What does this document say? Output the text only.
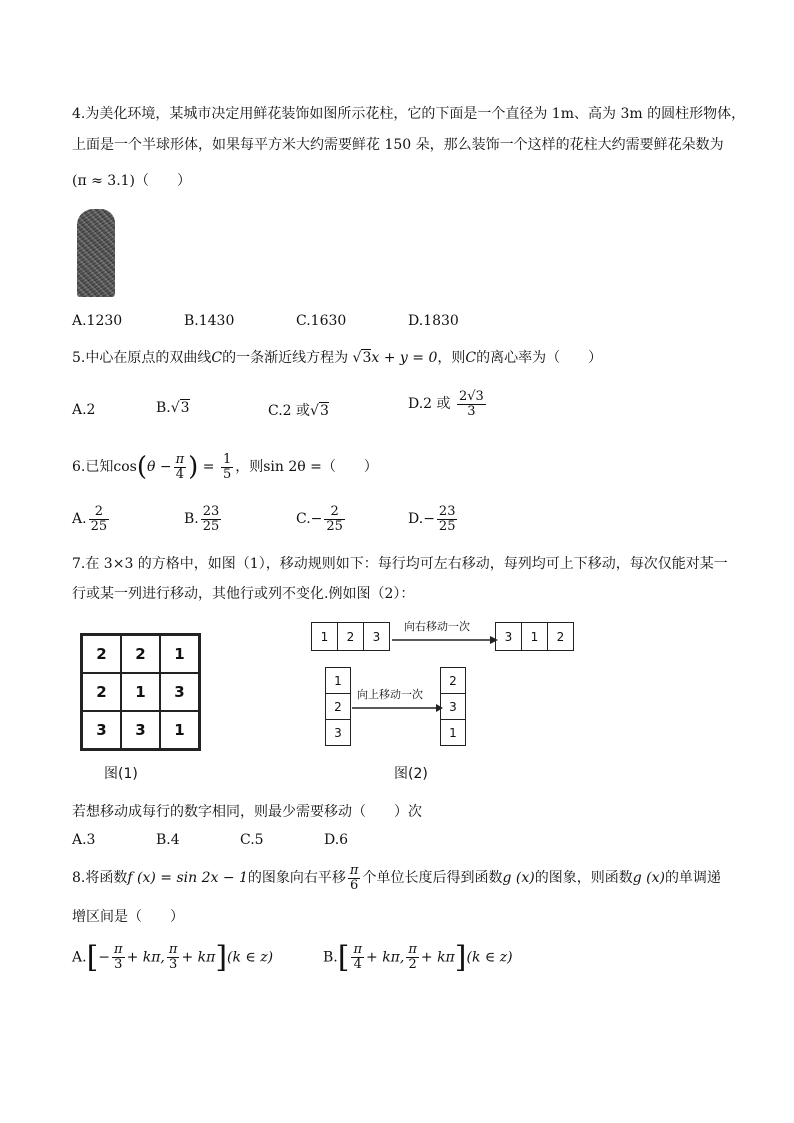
4.为美化环境，某城市决定用鲜花装饰如图所示花柱，它的下面是一个直径为 1m、高为 3m 的圆柱形物体，
上面是一个半球形体，如果每平方米大约需要鲜花 150 朵，那么装饰一个这样的花柱大约需要鲜花朵数为
(π ≈ 3.1)（　　）
A.1230	B.1430	C.1630	D.1830
5.中心在原点的双曲线C的一条渐近线方程为 √3x + y = 0，则C的离心率为（　　）
A.2	B.√3	C.2 或√3	D.2 或 $\frac{2√3}{3}$
6.已知$\cos(\theta - \frac{\pi}{4}$ ) = $\frac{1}{5}$ ，则sin 2θ =（　　）
A. $\frac{2}{25}$	B. $\frac{23}{25}$	$C.- \frac{2}{25}$	$D.- \frac{23}{25}$
7.在 3×3 的方格中，如图（1），移动规则如下：每行均可左右移动，每列均可上下移动，每次仅能对某一
行或某一列进行移动，其他行或列不变化.例如图（2）：
2	2	1
2	1	3
3	3	1
图(1)
1	2	3
向右移动一次
3	1	2
1
2
3
向上移动一次
2
3
1
图(2)
若想移动成每行的数字相同，则最少需要移动（　　）次
A.3	B.4	C.5	D.6
8.将函数f (x) = sin 2x − 1的图象向右平移 $\frac{\pi}{6}$ 个单位长度后得到函数g (x)的图象，则函数g (x)的单调递
增区间是（　　）
$A.[- \frac{\pi}{3} + k\pi$, $\frac{\pi}{3} + k\pi](k$ ∈ z)	$B.[ \frac{\pi}{4} + k\pi$, $\frac{\pi}{2} + k\pi](k$ ∈ z)
